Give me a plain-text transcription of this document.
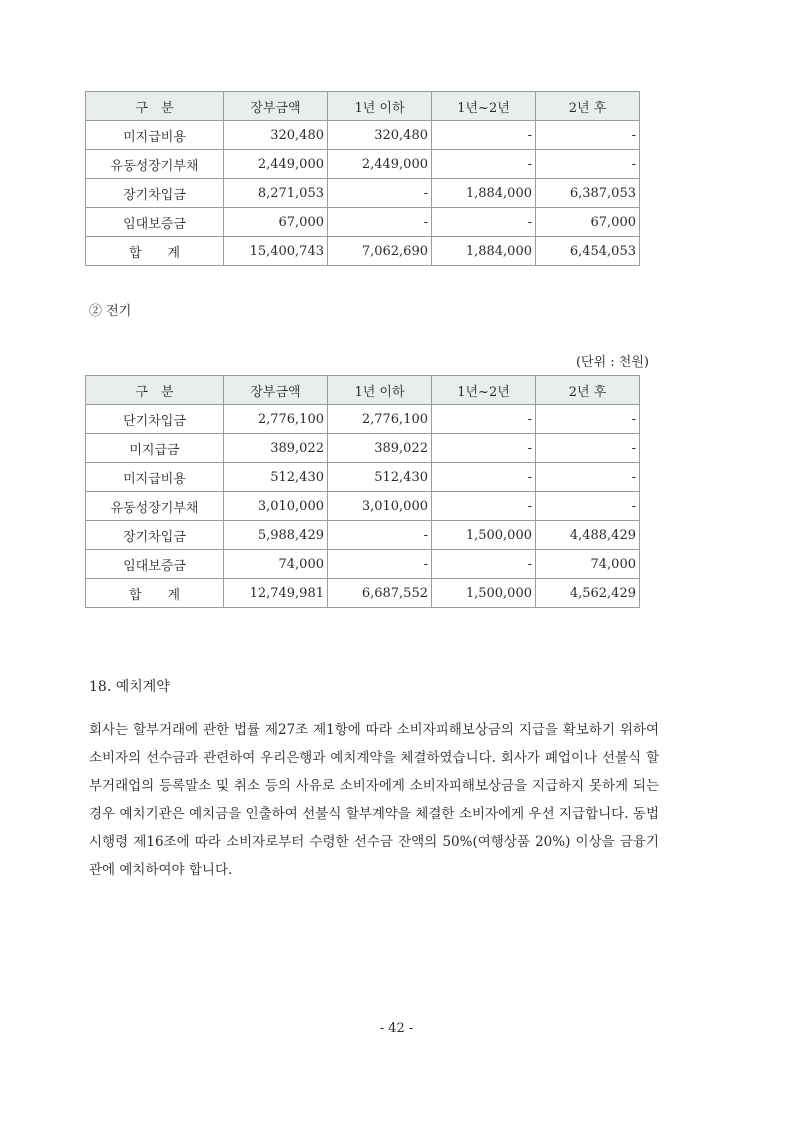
구　분	장부금액	1년 이하	1년~2년	2년 후
미지급비용	320,480	320,480	-	-
유동성장기부채	2,449,000	2,449,000	-	-
장기차입금	8,271,053	-	1,884,000	6,387,053
임대보증금	67,000	-	-	67,000
합　　계	15,400,743	7,062,690	1,884,000	6,454,053
② 전기
(단위 : 천원)
구　분	장부금액	1년 이하	1년~2년	2년 후
단기차입금	2,776,100	2,776,100	-	-
미지급금	389,022	389,022	-	-
미지급비용	512,430	512,430	-	-
유동성장기부채	3,010,000	3,010,000	-	-
장기차입금	5,988,429	-	1,500,000	4,488,429
임대보증금	74,000	-	-	74,000
합　　계	12,749,981	6,687,552	1,500,000	4,562,429
18. 예치계약
회사는 할부거래에 관한 법률 제27조 제1항에 따라 소비자피해보상금의 지급을 확보하기 위하여 소비자의 선수금과 관련하여 우리은행과 예치계약을 체결하였습니다. 회사가 폐업이나 선불식 할부거래업의 등록말소 및 취소 등의 사유로 소비자에게 소비자피해보상금을 지급하지 못하게 되는 경우 예치기관은 예치금을 인출하여 선불식 할부계약을 체결한 소비자에게 우선 지급합니다. 동법 시행령 제16조에 따라 소비자로부터 수령한 선수금 잔액의 50%(여행상품 20%) 이상을 금융기관에 예치하여야 합니다.
- 42 -
